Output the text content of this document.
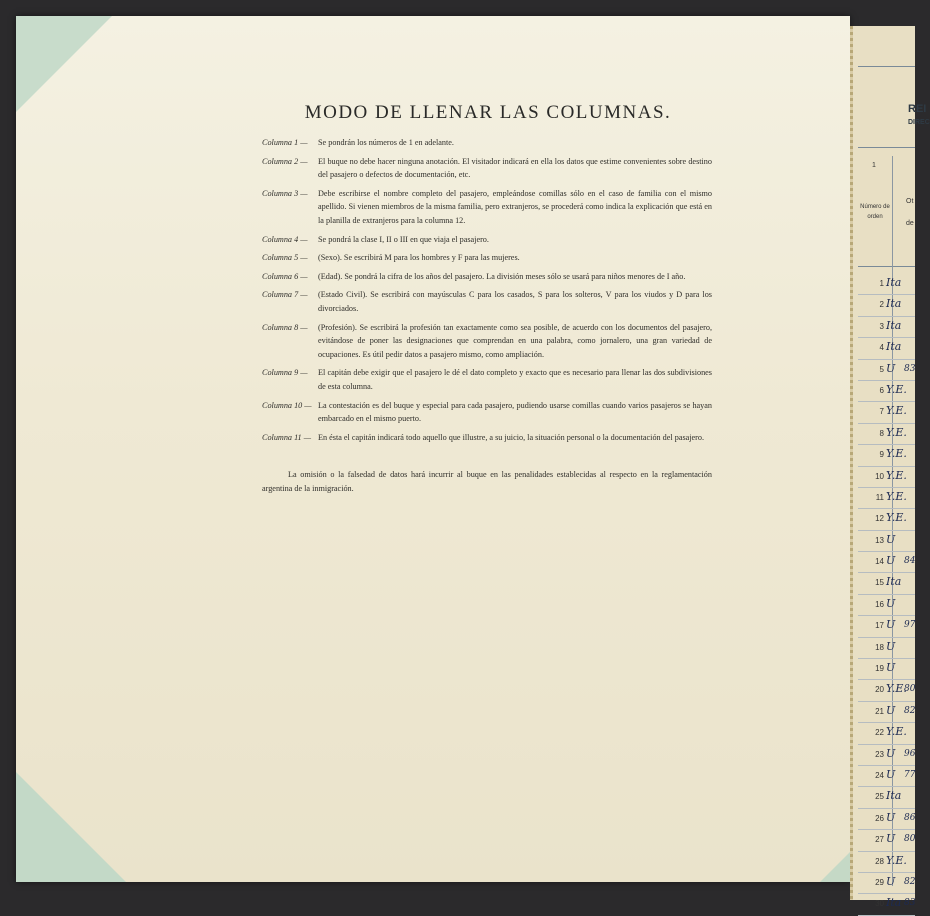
MODO DE LLENAR LAS COLUMNAS.
Columna 1 — Se pondrán los números de 1 en adelante.
Columna 2 — El buque no debe hacer ninguna anotación. El visitador indicará en ella los datos que estime convenientes sobre destino del pasajero o defectos de documentación, etc.
Columna 3 — Debe escribirse el nombre completo del pasajero, empleándose comillas sólo en el caso de familia con el mismo apellido. Si vienen miembros de la misma familia, pero extranjeros, se procederá como indica la explicación que está en la planilla de extranjeros para la columna 12.
Columna 4 — Se pondrá la clase I, II o III en que viaja el pasajero.
Columna 5 — (Sexo). Se escribirá M para los hombres y F para las mujeres.
Columna 6 — (Edad). Se pondrá la cifra de los años del pasajero. La división meses sólo se usará para niños menores de I año.
Columna 7 — (Estado Civil). Se escribirá con mayúsculas C para los casados, S para los solteros, V para los viudos y D para los divorciados.
Columna 8 — (Profesión). Se escribirá la profesión tan exactamente como sea posible, de acuerdo con los documentos del pasajero, evitándose de poner las designaciones que comprendan en una palabra, como jornalero, una gran variedad de ocupaciones. Es útil pedir datos a pasajero mismo, como ampliación.
Columna 9 — El capitán debe exigir que el pasajero le dé el dato completo y exacto que es necesario para llenar las dos subdivisiones de esta columna.
Columna 10 — La contestación es del buque y especial para cada pasajero, pudiendo usarse comillas cuando varios pasajeros se hayan embarcado en el mismo puerto.
Columna 11 — En ésta el capitán indicará todo aquello que illustre, a su juicio, la situación personal o la documentación del pasajero.
La omisión o la falsedad de datos hará incurrir al buque en las penalidades establecidas al respecto en la reglamentación argentina de la inmigración.
REI
DIREC
1
Número de orden
Ot
de
1 Ita
2 Ita
3 Ita
4 Ita
5 U 83
6 Y.E.
7 Y.E.
8 Y.E.
9 Y.E.
10 Y.E.
11 Y.E.
12 Y.E.
13 U
14 U 84
15 Ita
16 U
17 U 97
18 U
19 U
20 Y.E.
80
21 U 82
22 Y.E.
23 U 96
24 U 77
25 Ita
26 U 86
27 U 80
28 Y.E.
29 U 82
30 Ita 83
